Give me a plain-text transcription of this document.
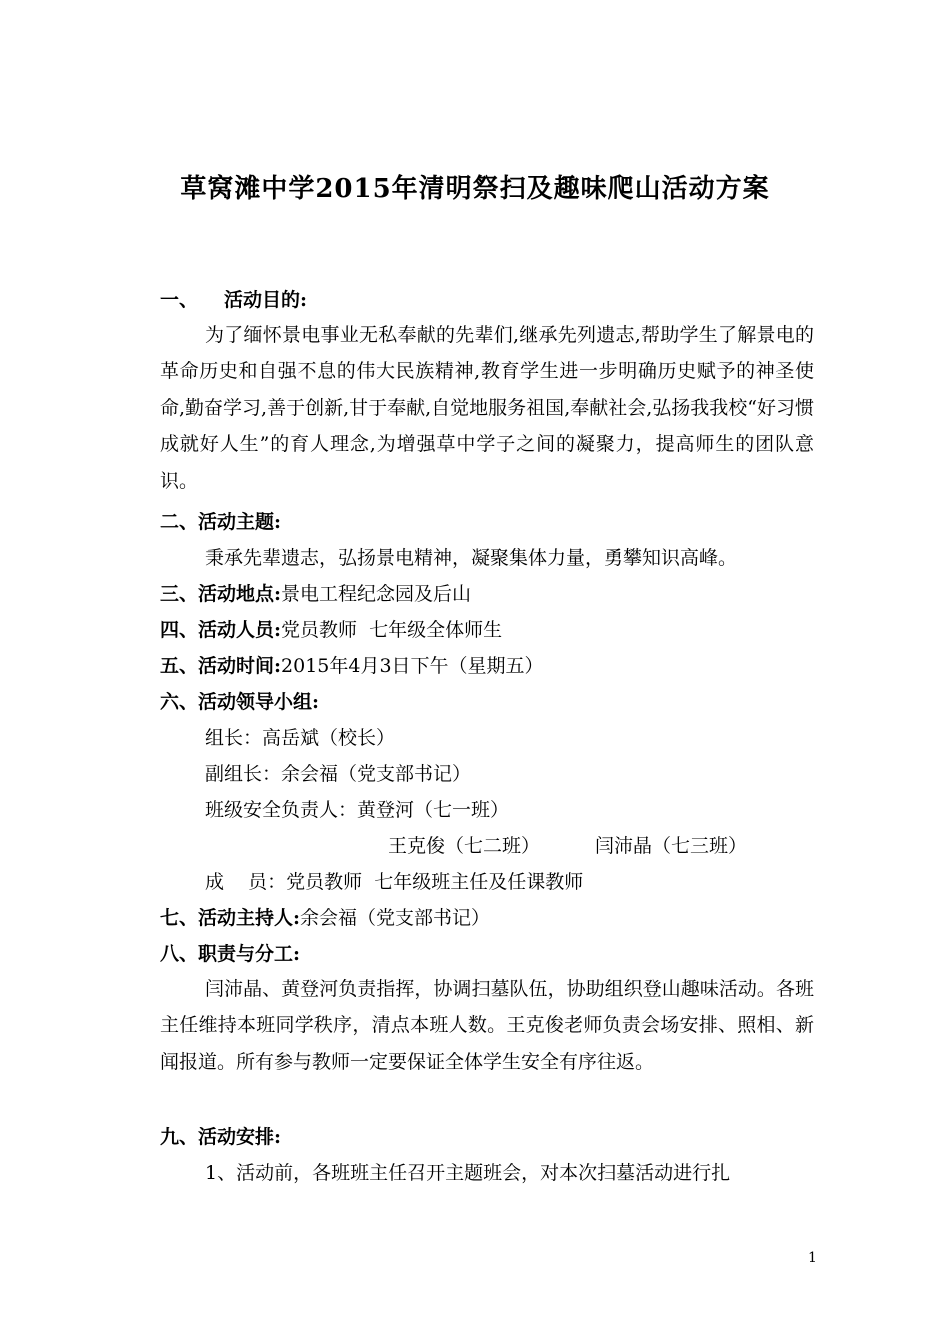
草窝滩中学2015年清明祭扫及趣味爬山活动方案
一、 活动目的:
为了缅怀景电事业无私奉献的先辈们,继承先列遗志,帮助学生了解景电的革命历史和自强不息的伟大民族精神,教育学生进一步明确历史赋予的神圣使命,勤奋学习,善于创新,甘于奉献,自觉地服务祖国,奉献社会,弘扬我我校“好习惯成就好人生”的育人理念,为增强草中学子之间的凝聚力，提高师生的团队意识。
二、活动主题:
秉承先辈遗志，弘扬景电精神，凝聚集体力量，勇攀知识高峰。
三、活动地点:景电工程纪念园及后山
四、活动人员:党员教师  七年级全体师生
五、活动时间:2015年4月3日下午（星期五）
六、活动领导小组:
组长：高岳斌（校长）
副组长：余会福（党支部书记）
班级安全负责人：黄登河（七一班）
王克俊（七二班）	闫沛晶（七三班）
成    员：党员教师  七年级班主任及任课教师
七、活动主持人:余会福（党支部书记）
八、职责与分工:
闫沛晶、黄登河负责指挥，协调扫墓队伍，协助组织登山趣味活动。各班主任维持本班同学秩序，清点本班人数。王克俊老师负责会场安排、照相、新闻报道。所有参与教师一定要保证全体学生安全有序往返。
九、活动安排:
1、活动前，各班班主任召开主题班会，对本次扫墓活动进行扎
1
